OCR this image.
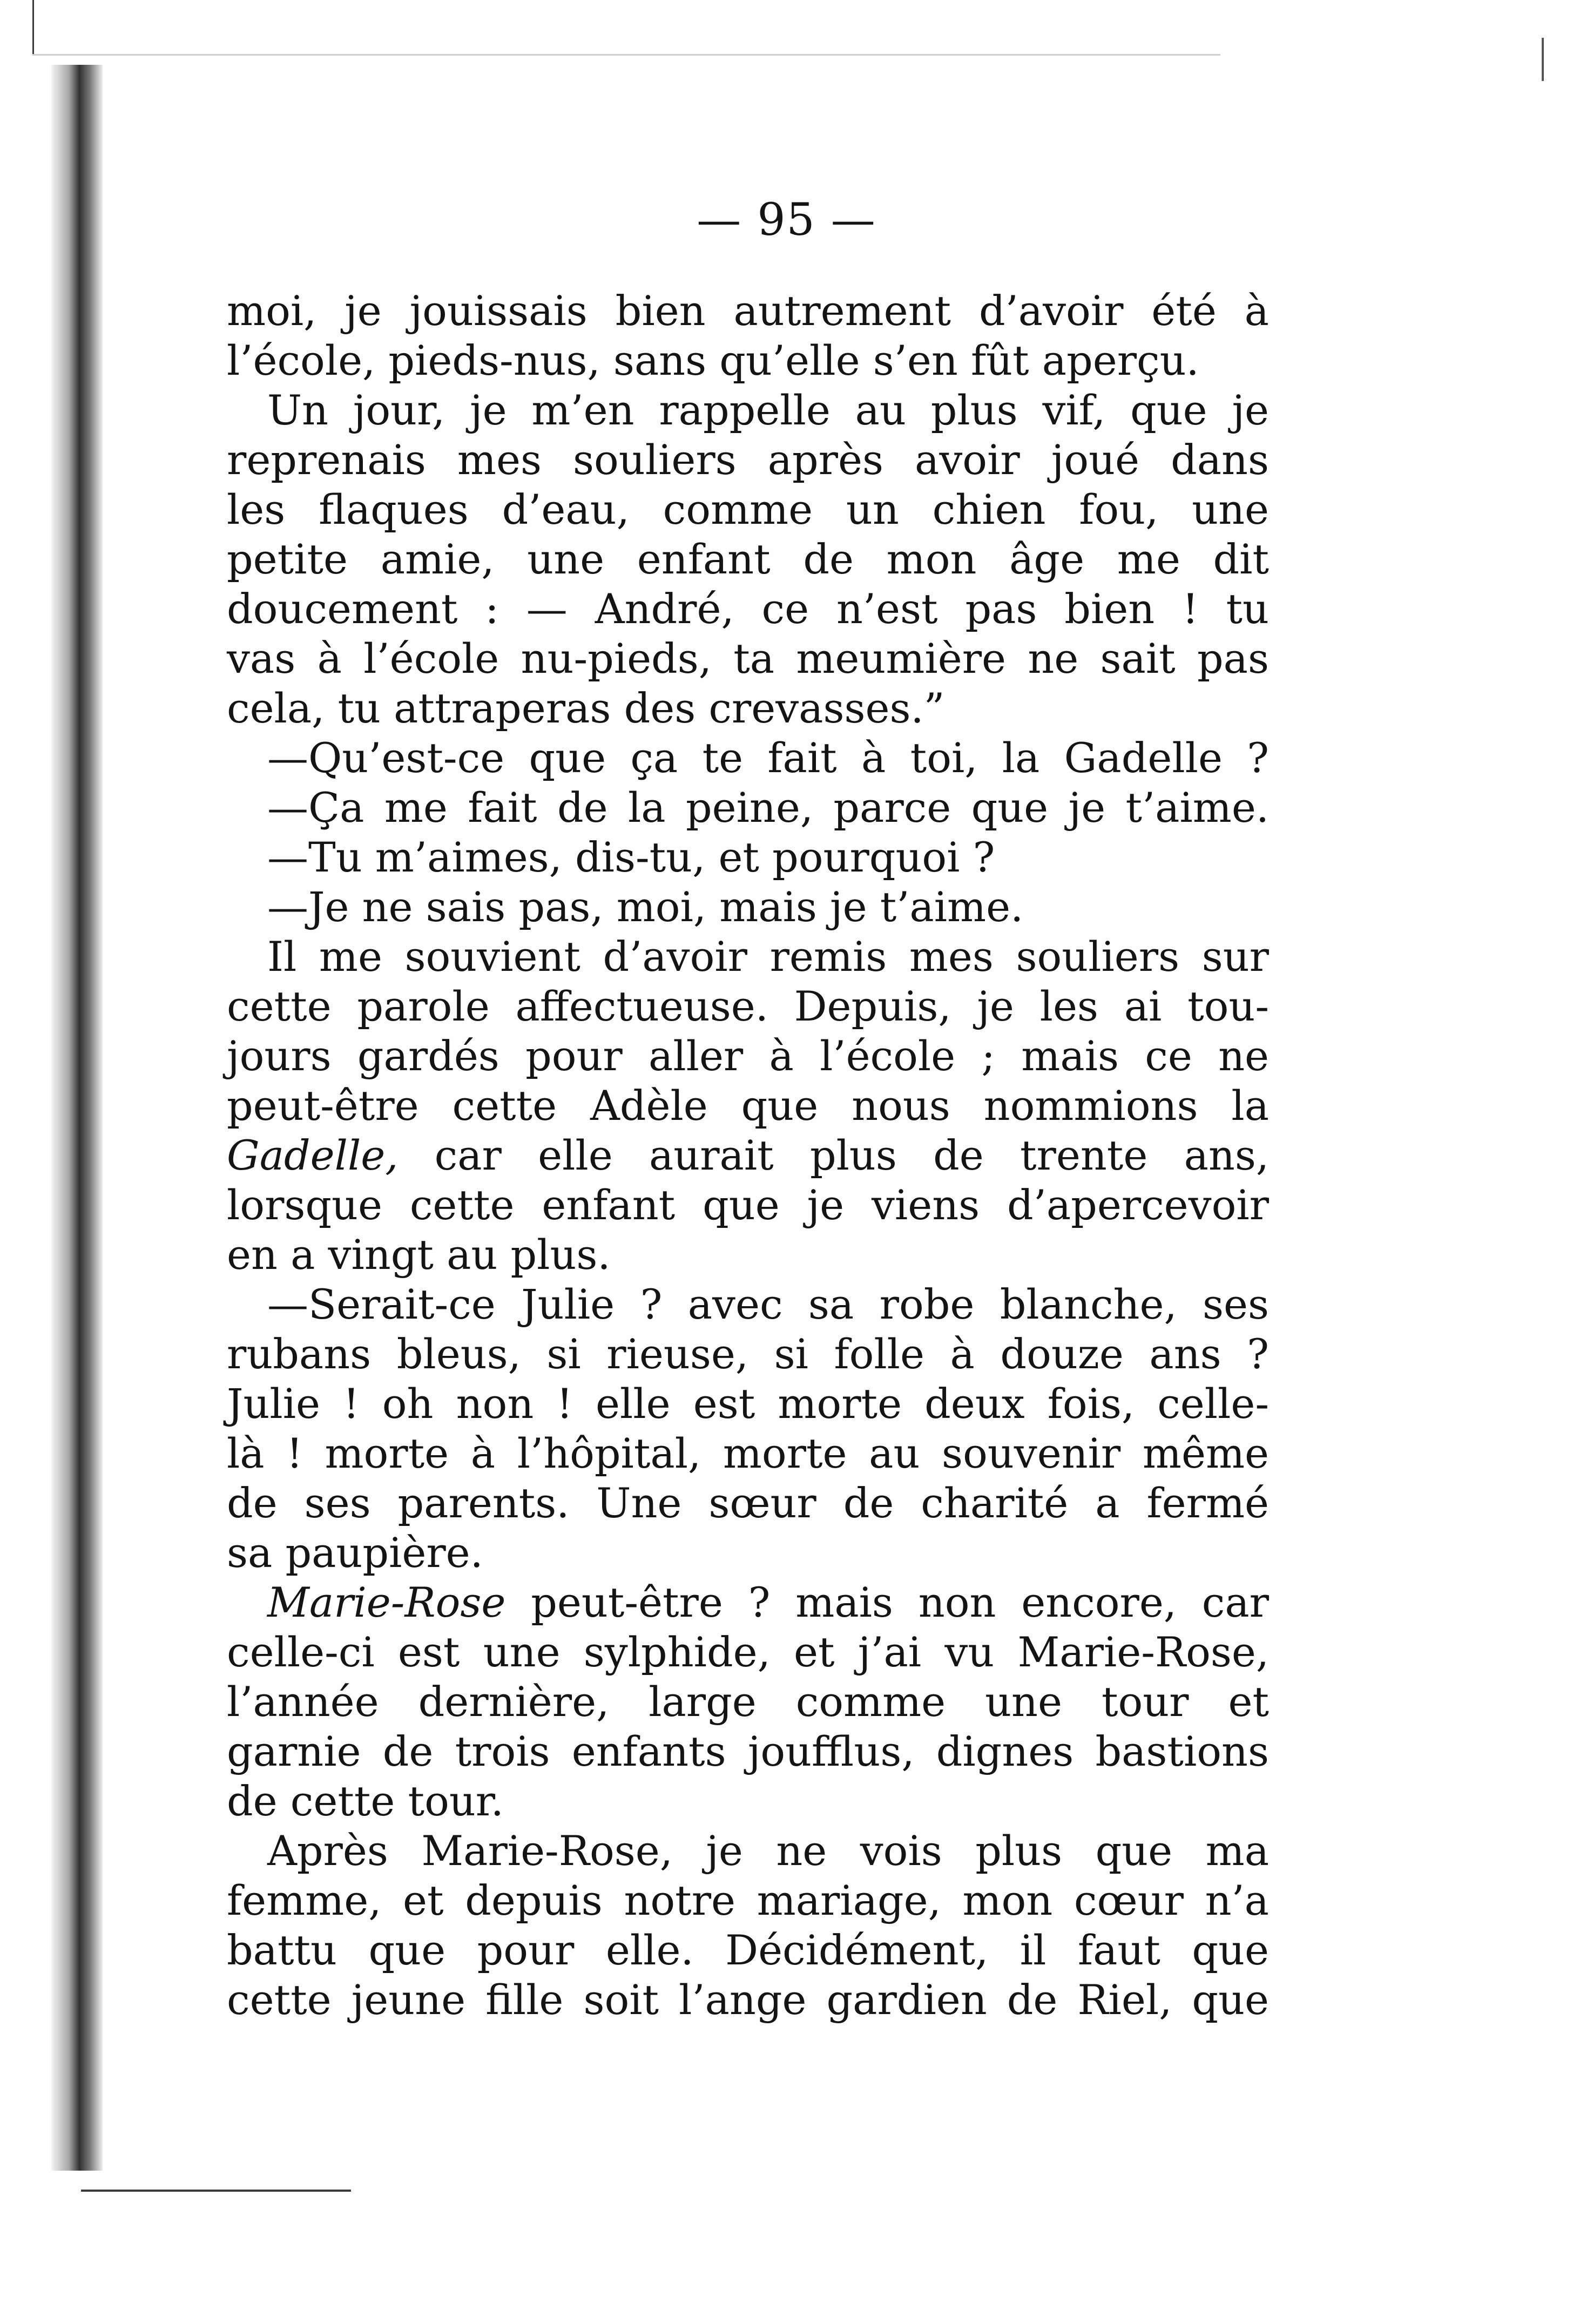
— 95 —
moi, je jouissais bien autrement d’avoir été à
l’école, pieds-nus, sans qu’elle s’en fût aperçu.
Un jour, je m’en rappelle au plus vif, que je
reprenais mes souliers après avoir joué dans
les flaques d’eau, comme un chien fou, une
petite amie, une enfant de mon âge me dit
doucement : — André, ce n’est pas bien ! tu
vas à l’école nu-pieds, ta meumière ne sait pas
cela, tu attraperas des crevasses.”
—Qu’est-ce que ça te fait à toi, la Gadelle ?
—Ça me fait de la peine, parce que je t’aime.
—Tu m’aimes, dis-tu, et pourquoi ?
—Je ne sais pas, moi, mais je t’aime.
Il me souvient d’avoir remis mes souliers sur
cette parole affectueuse. Depuis, je les ai tou-
jours gardés pour aller à l’école ; mais ce ne
peut-être cette Adèle que nous nommions la
Gadelle, car elle aurait plus de trente ans,
lorsque cette enfant que je viens d’apercevoir
en a vingt au plus.
—Serait-ce Julie ? avec sa robe blanche, ses
rubans bleus, si rieuse, si folle à douze ans ?
Julie ! oh non ! elle est morte deux fois, celle-
là ! morte à l’hôpital, morte au souvenir même
de ses parents. Une sœur de charité a fermé
sa paupière.
Marie-Rose peut-être ? mais non encore, car
celle-ci est une sylphide, et j’ai vu Marie-Rose,
l’année dernière, large comme une tour et
garnie de trois enfants joufflus, dignes bastions
de cette tour.
Après Marie-Rose, je ne vois plus que ma
femme, et depuis notre mariage, mon cœur n’a
battu que pour elle. Décidément, il faut que
cette jeune fille soit l’ange gardien de Riel, que
